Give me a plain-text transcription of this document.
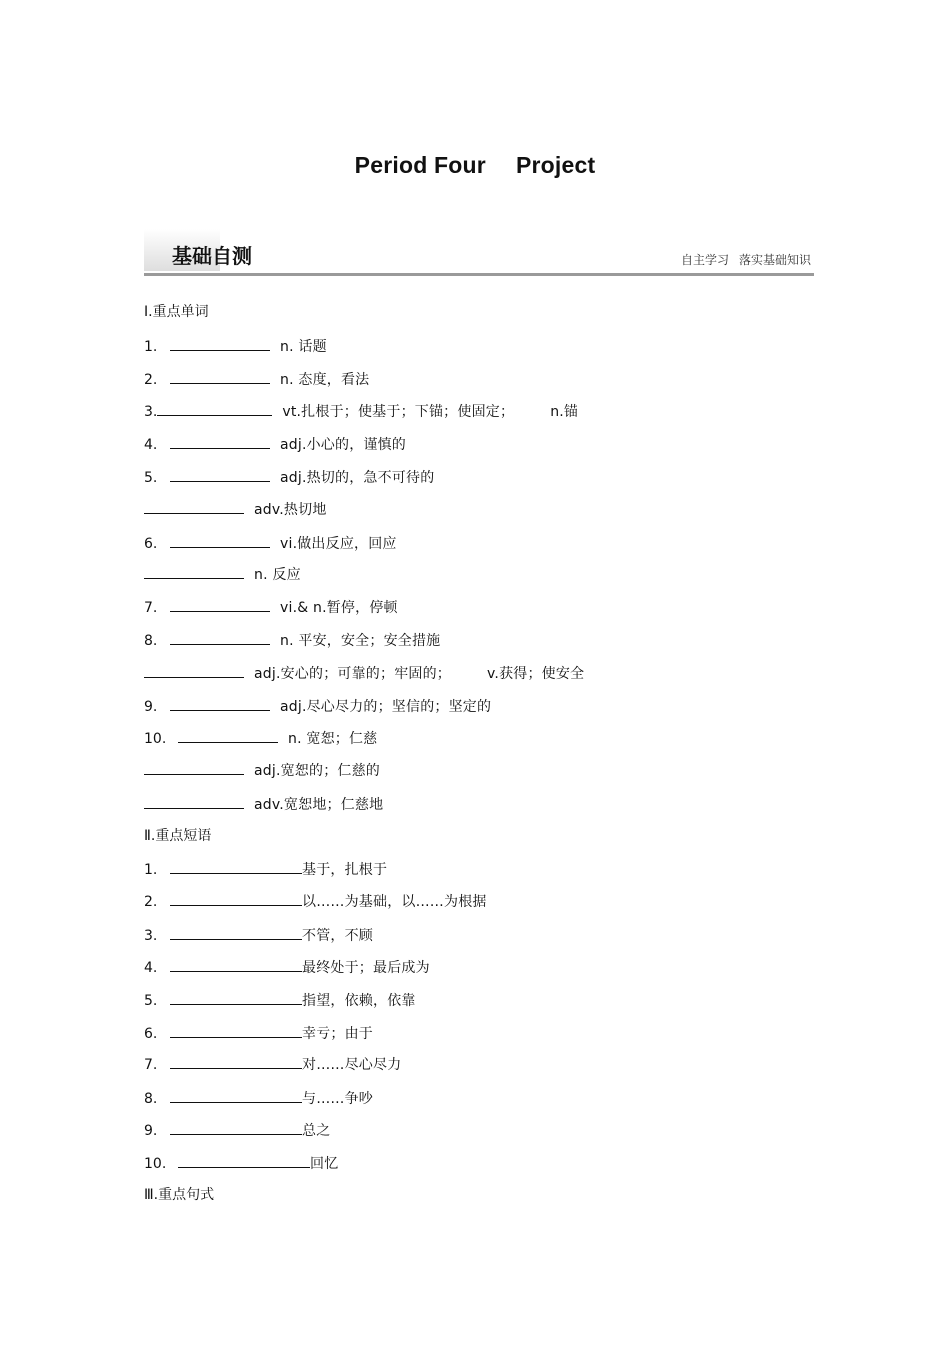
Period Four Project
基础自测	自主学习 落实基础知识
Ⅰ.重点单词
1.	n. 话题
2.	n. 态度，看法
3.	vt.扎根于；使基于；下锚；使固定；	n.锚
4.	adj.小心的，谨慎的
5.	adj.热切的，急不可待的
adv.热切地
6.	vi.做出反应，回应
n. 反应
7.	vi.& n.暂停，停顿
8.	n. 平安，安全；安全措施
adj.安心的；可靠的；牢固的；	v.获得；使安全
9.	adj.尽心尽力的；坚信的；坚定的
10.	n. 宽恕；仁慈
adj.宽恕的；仁慈的
adv.宽恕地；仁慈地
Ⅱ.重点短语
1.	基于，扎根于
2.	以……为基础，以……为根据
3.	不管，不顾
4.	最终处于；最后成为
5.	指望，依赖，依靠
6.	幸亏；由于
7.	对……尽心尽力
8.	与……争吵
9.	总之
10.	回忆
Ⅲ.重点句式
